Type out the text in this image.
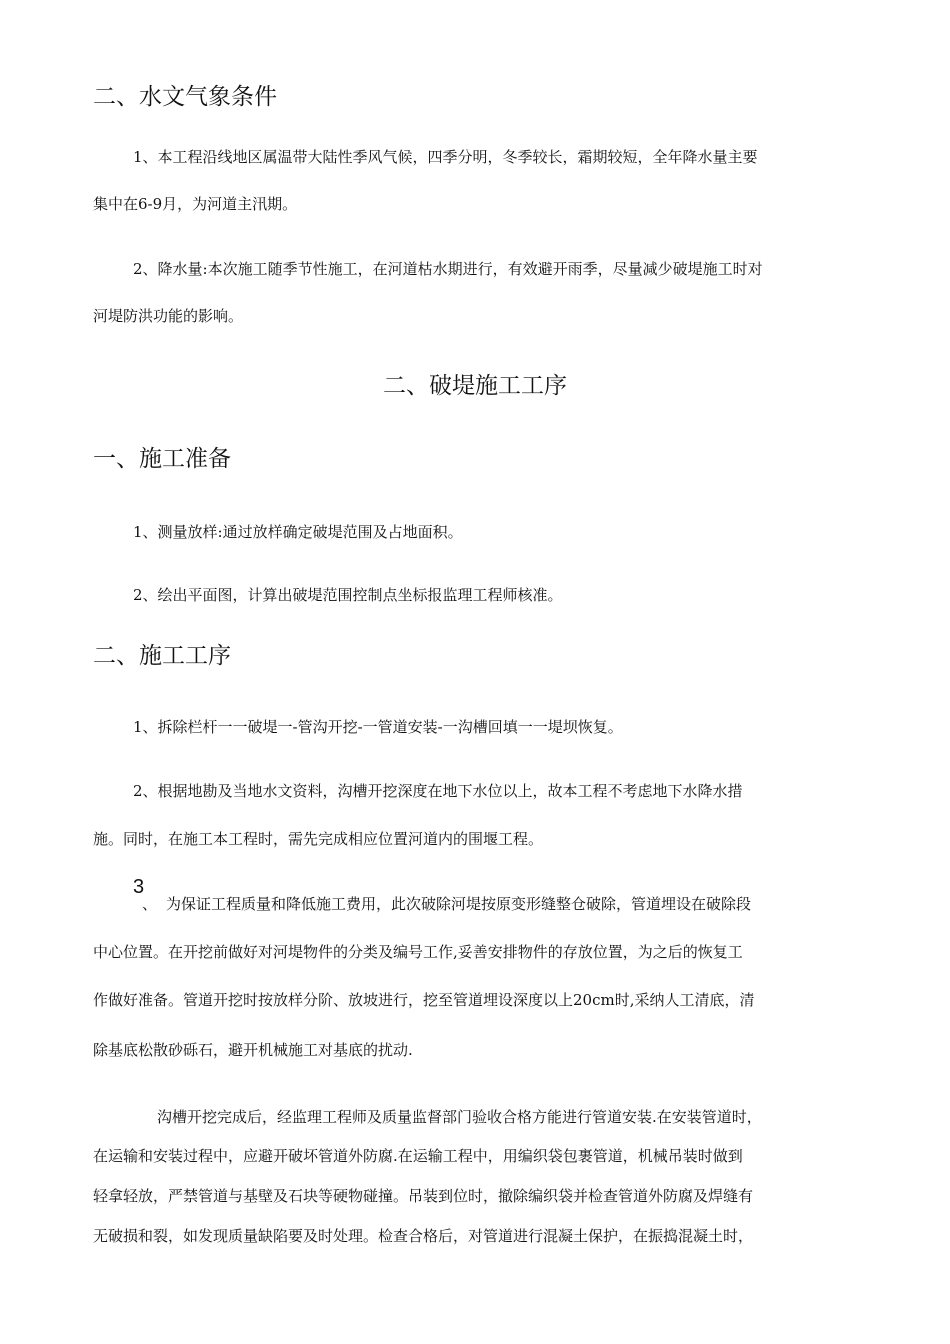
二、水文气象条件

1、本工程沿线地区属温带大陆性季风气候，四季分明，冬季较长，霜期较短，全年降水量主要

集中在6-9月，为河道主汛期。

2、降水量:本次施工随季节性施工，在河道枯水期进行，有效避开雨季，尽量减少破堤施工时对

河堤防洪功能的影响。

二、破堤施工工序
一、施工准备

1、测量放样:通过放样确定破堤范围及占地面积。

2、绘出平面图，计算出破堤范围控制点坐标报监理工程师核准。

二、施工工序

1、拆除栏杆一一破堤一-管沟开挖-一管道安装-一沟槽回填一一堤坝恢复。

2、根据地勘及当地水文资料，沟槽开挖深度在地下水位以上，故本工程不考虑地下水降水措

施。同时，在施工本工程时，需先完成相应位置河道内的围堰工程。

3
、 为保证工程质量和降低施工费用，此次破除河堤按原变形缝整仓破除，管道埋设在破除段

中心位置。在开挖前做好对河堤物件的分类及编号工作,妥善安排物件的存放位置，为之后的恢复工

作做好准备。管道开挖时按放样分阶、放坡进行，挖至管道埋设深度以上20cm时,采纳人工清底，清

除基底松散砂砾石，避开机械施工对基底的扰动.

沟槽开挖完成后，经监理工程师及质量监督部门验收合格方能进行管道安装.在安装管道时，

在运输和安装过程中，应避开破坏管道外防腐.在运输工程中，用编织袋包裹管道，机械吊装时做到

轻拿轻放，严禁管道与基壁及石块等硬物碰撞。吊装到位时，撤除编织袋并检查管道外防腐及焊缝有

无破损和裂，如发现质量缺陷要及时处理。检查合格后，对管道进行混凝土保护，在振捣混凝土时，
